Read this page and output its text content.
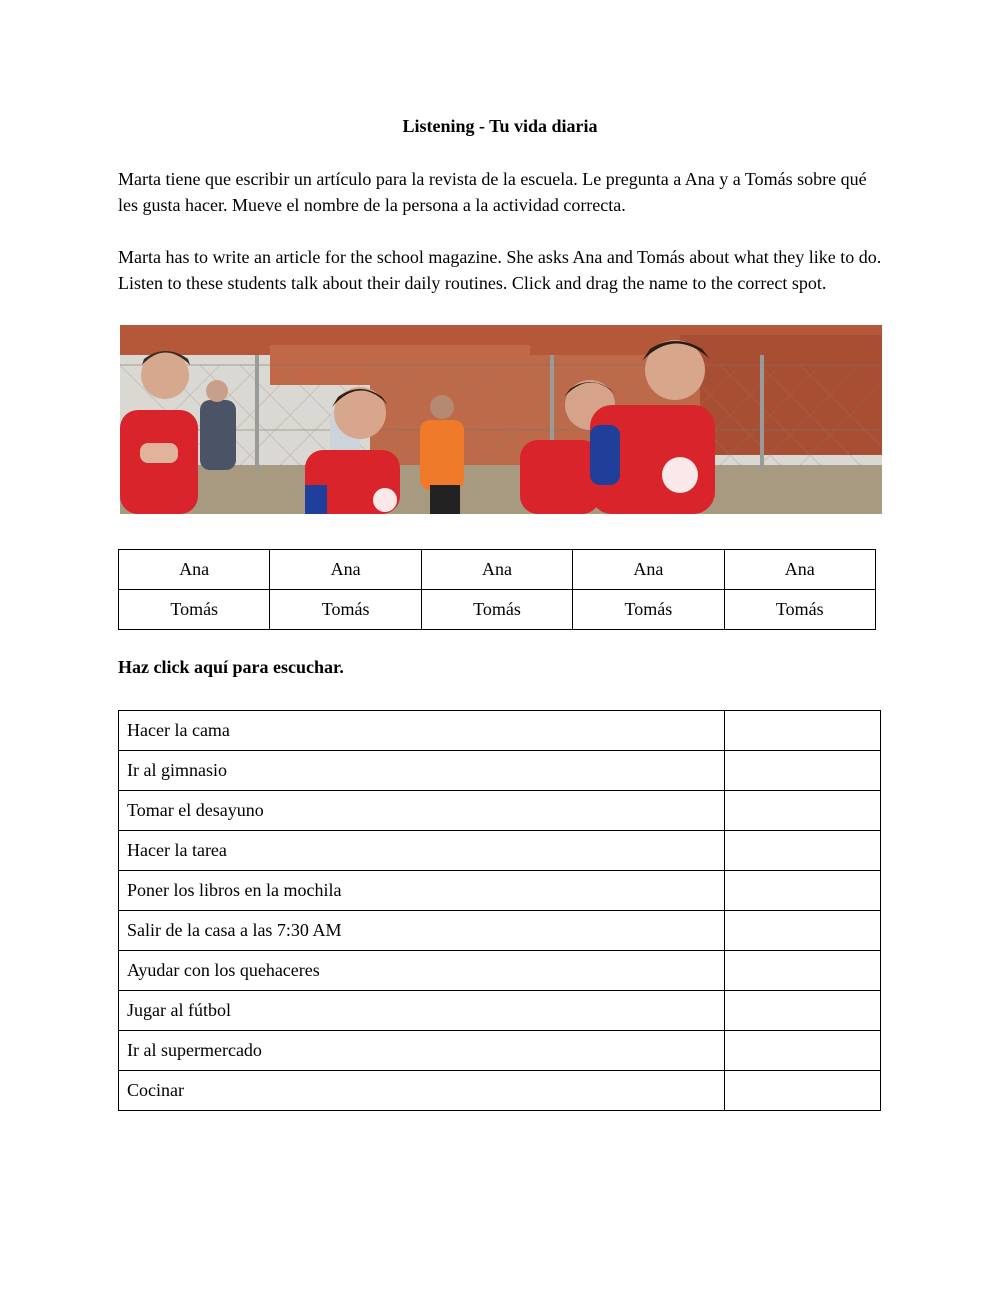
Listening - Tu vida diaria

Marta tiene que escribir un artículo para la revista de la escuela. Le pregunta a Ana y a Tomás sobre qué les gusta hacer. Mueve el nombre de la persona a la actividad correcta.

Marta has to write an article for the school magazine. She asks Ana and Tomás about what they like to do. Listen to these students talk about their daily routines. Click and drag the name to the correct spot.

Ana	Ana	Ana	Ana	Ana
Tomás	Tomás	Tomás	Tomás	Tomás

Haz click aquí para escuchar.

Hacer la cama	
Ir al gimnasio	
Tomar el desayuno	
Hacer la tarea	
Poner los libros en la mochila	
Salir de la casa a las 7:30 AM	
Ayudar con los quehaceres	
Jugar al fútbol	
Ir al supermercado	
Cocinar	
